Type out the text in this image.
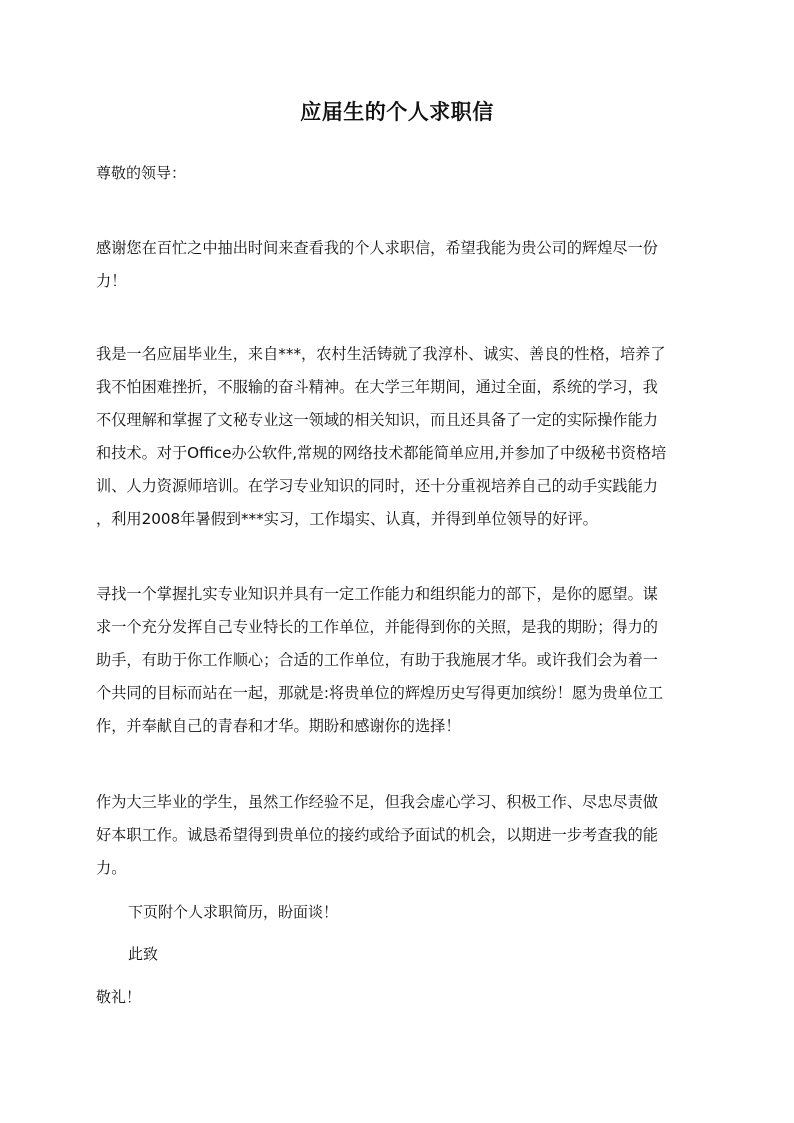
应届生的个人求职信
尊敬的领导：
感谢您在百忙之中抽出时间来查看我的个人求职信，希望我能为贵公司的辉煌尽一份
力！
我是一名应届毕业生，来自***，农村生活铸就了我淳朴、诚实、善良的性格，培养了
我不怕困难挫折，不服输的奋斗精神。在大学三年期间，通过全面，系统的学习，我
不仅理解和掌握了文秘专业这一领域的相关知识，而且还具备了一定的实际操作能力
和技术。对于Office办公软件,常规的网络技术都能简单应用,并参加了中级秘书资格培
训、人力资源师培训。在学习专业知识的同时，还十分重视培养自己的动手实践能力
，利用2008年暑假到***实习，工作塌实、认真，并得到单位领导的好评。
寻找一个掌握扎实专业知识并具有一定工作能力和组织能力的部下，是你的愿望。谋
求一个充分发挥自己专业特长的工作单位，并能得到你的关照，是我的期盼；得力的
助手，有助于你工作顺心；合适的工作单位，有助于我施展才华。或许我们会为着一
个共同的目标而站在一起，那就是:将贵单位的辉煌历史写得更加缤纷！愿为贵单位工
作，并奉献自己的青春和才华。期盼和感谢你的选择！
作为大三毕业的学生，虽然工作经验不足，但我会虚心学习、积极工作、尽忠尽责做
好本职工作。诚恳希望得到贵单位的接约或给予面试的机会，以期进一步考查我的能
力。
下页附个人求职简历，盼面谈！
此致
敬礼！
